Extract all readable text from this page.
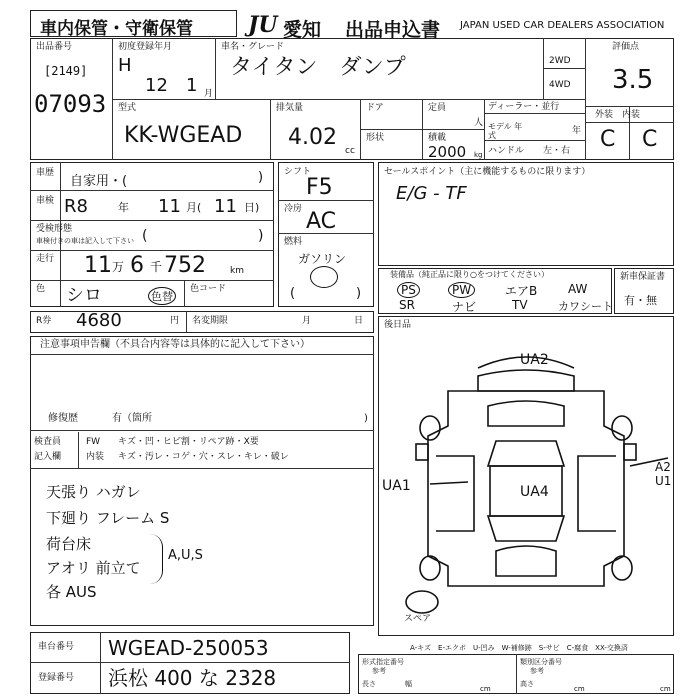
車内保管・守衛保管	JU 愛知 出品申込書 JAPAN USED CAR DEALERS ASSOCIATION
出品番号
[2149]
07093
初度登録年月
H
12 1 月
車名・グレード
タイタン　ダンプ	2WD
4WD
評価点
3.5
型式
KK-WGEAD
排気量
4.02
cc
ドア
形状
定員
人
積載
2000 kg
ディーラー・並行
モデル 年式	年
ハンドル 左・右
外装　内装
C C
車歴
自家用・(	)
車検 R8	年 11 月( 11 日)
受検形態
車検付きの車は記入して下さい (	)
走行 11 万 6 千 752	km
色 シロ	色替
色コード
シフト
F5
冷房 AC
燃料
ガソリン
(	)
セールスポイント（主に機能するものに限ります）
E/G - TF
装備品（純正品に限り○をつけてください）
PS	PW	エアB	AW
SR	ナビ	TV	カワシート
新車保証書
有・無
R券 4680	円 名変期限	月	日
注意事項申告欄（不具合内容等は具体的に記入して下さい）
修復歴	有（箇所	)
検査員
記入欄
FW キズ・凹・ヒビ割・リペア跡・X要
内装 キズ・汚レ・コゲ・穴・スレ・キレ・破レ
天張り ハガレ
下廻り フレーム S
荷台床
アオリ 前立て
各 AUS
A,U,S
車台番号 WGEAD-250053
登録番号 浜松 400 な 2328
後日品
UA2
UA1	UA4
A2 U1
スペア
A-キズ　E-エクボ　U-凹み　W-補修跡　S-サビ　C-腐食　XX-交換済
形式指定番号
参考
類別区分番号
参考
長さ
cm
幅	高さ
cm	cm
